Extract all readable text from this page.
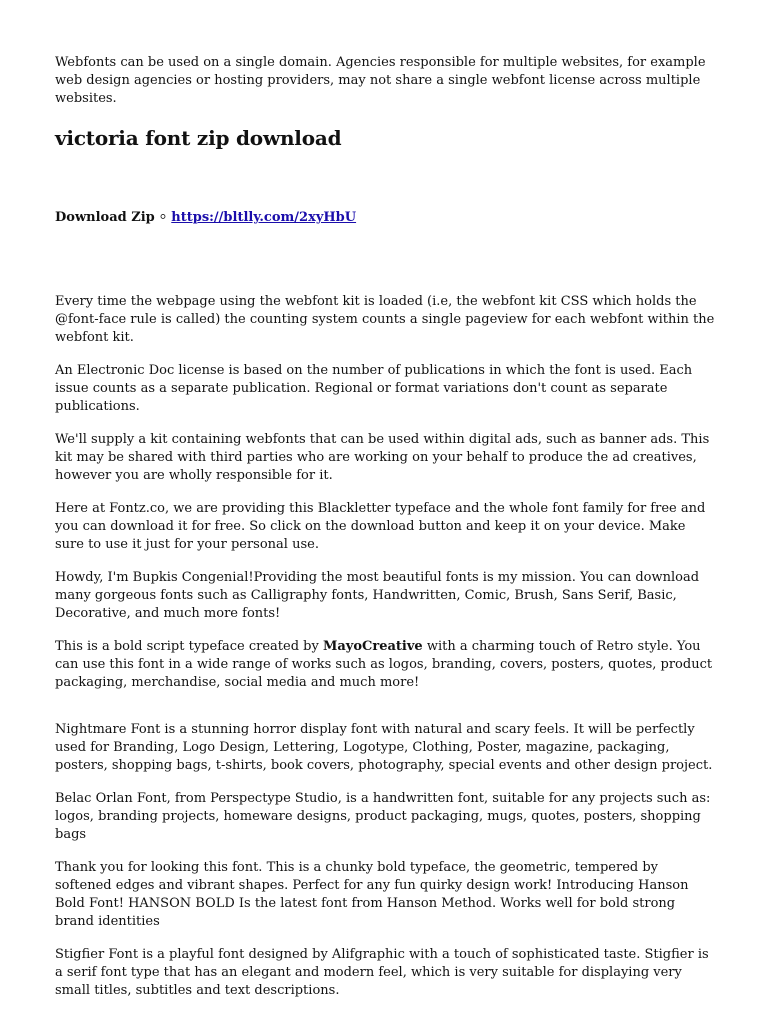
Webfonts can be used on a single domain. Agencies responsible for multiple websites, for example web design agencies or hosting providers, may not share a single webfont license across multiple websites.

victoria font zip download
Download Zip ⸰ https://bltlly.com/2xyHbU

Every time the webpage using the webfont kit is loaded (i.e, the webfont kit CSS which holds the @font-face rule is called) the counting system counts a single pageview for each webfont within the webfont kit.

An Electronic Doc license is based on the number of publications in which the font is used. Each issue counts as a separate publication. Regional or format variations don't count as separate publications.

We'll supply a kit containing webfonts that can be used within digital ads, such as banner ads. This kit may be shared with third parties who are working on your behalf to produce the ad creatives, however you are wholly responsible for it.

Here at Fontz.co, we are providing this Blackletter typeface and the whole font family for free and you can download it for free. So click on the download button and keep it on your device. Make sure to use it just for your personal use.

Howdy, I'm Bupkis Congenial!Providing the most beautiful fonts is my mission. You can download many gorgeous fonts such as Calligraphy fonts, Handwritten, Comic, Brush, Sans Serif, Basic, Decorative, and much more fonts!

This is a bold script typeface created by MayoCreative with a charming touch of Retro style. You can use this font in a wide range of works such as logos, branding, covers, posters, quotes, product packaging, merchandise, social media and much more!

Nightmare Font is a stunning horror display font with natural and scary feels. It will be perfectly used for Branding, Logo Design, Lettering, Logotype, Clothing, Poster, magazine, packaging, posters, shopping bags, t-shirts, book covers, photography, special events and other design project.

Belac Orlan Font, from Perspectype Studio, is a handwritten font, suitable for any projects such as: logos, branding projects, homeware designs, product packaging, mugs, quotes, posters, shopping bags

Thank you for looking this font. This is a chunky bold typeface, the geometric, tempered by softened edges and vibrant shapes. Perfect for any fun quirky design work! Introducing Hanson Bold Font! HANSON BOLD Is the latest font from Hanson Method. Works well for bold strong brand identities

Stigfier Font is a playful font designed by Alifgraphic with a touch of sophisticated taste. Stigfier is a serif font type that has an elegant and modern feel, which is very suitable for displaying very small titles, subtitles and text descriptions.
